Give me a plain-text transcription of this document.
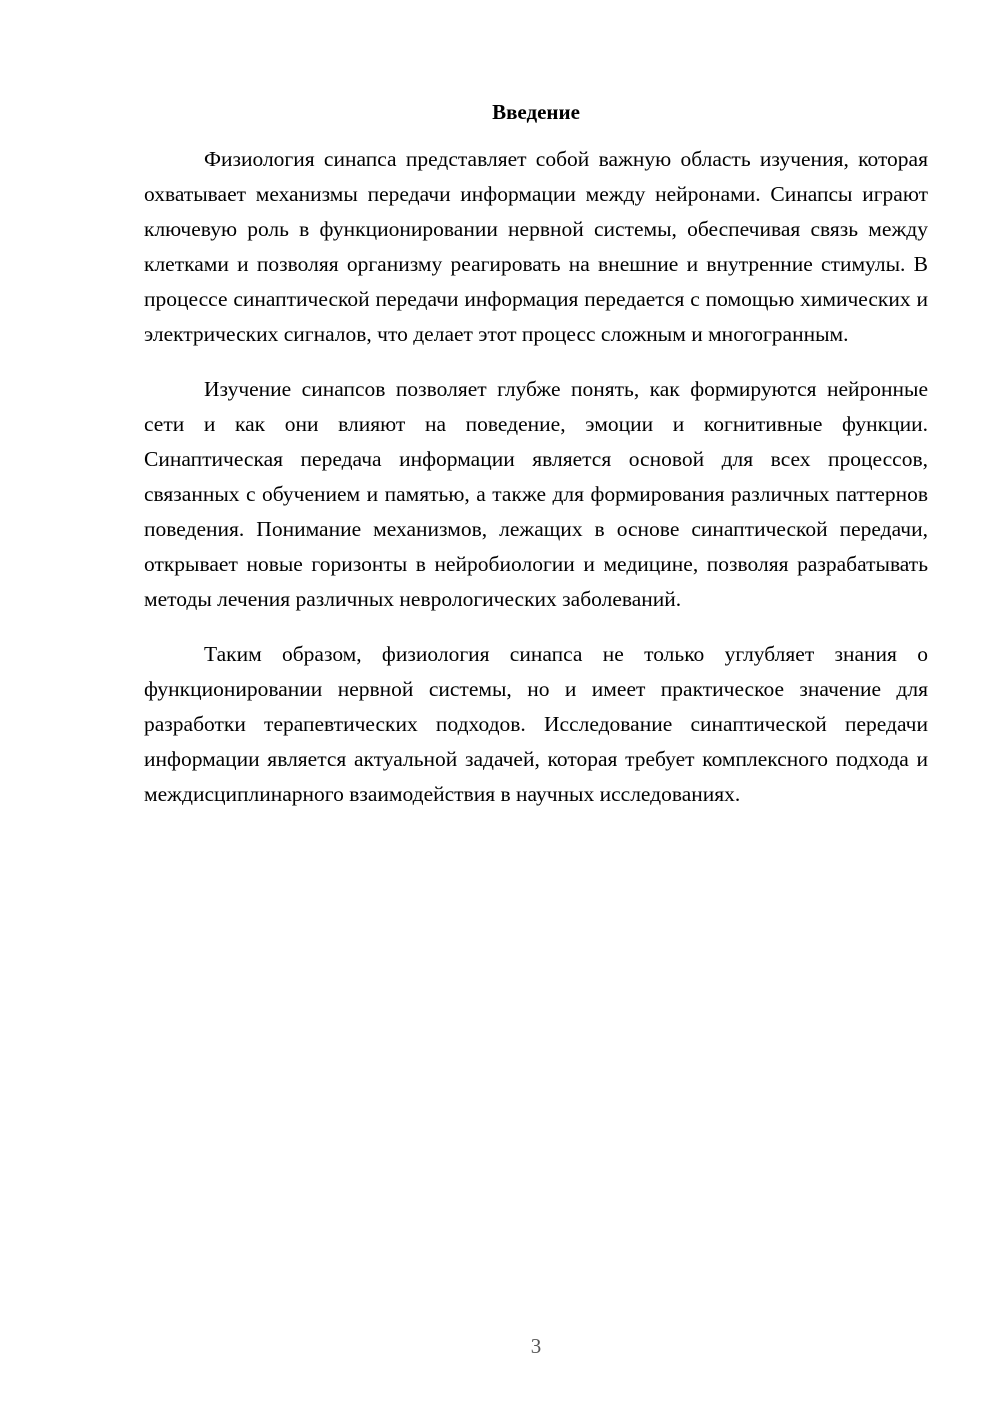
Введение

Физиология синапса представляет собой важную область изучения, которая охватывает механизмы передачи информации между нейронами. Синапсы играют ключевую роль в функционировании нервной системы, обеспечивая связь между клетками и позволяя организму реагировать на внешние и внутренние стимулы. В процессе синаптической передачи информация передается с помощью химических и электрических сигналов, что делает этот процесс сложным и многогранным.

Изучение синапсов позволяет глубже понять, как формируются нейронные сети и как они влияют на поведение, эмоции и когнитивные функции. Синаптическая передача информации является основой для всех процессов, связанных с обучением и памятью, а также для формирования различных паттернов поведения. Понимание механизмов, лежащих в основе синаптической передачи, открывает новые горизонты в нейробиологии и медицине, позволяя разрабатывать методы лечения различных неврологических заболеваний.

Таким образом, физиология синапса не только углубляет знания о функционировании нервной системы, но и имеет практическое значение для разработки терапевтических подходов. Исследование синаптической передачи информации является актуальной задачей, которая требует комплексного подхода и междисциплинарного взаимодействия в научных исследованиях.

3
